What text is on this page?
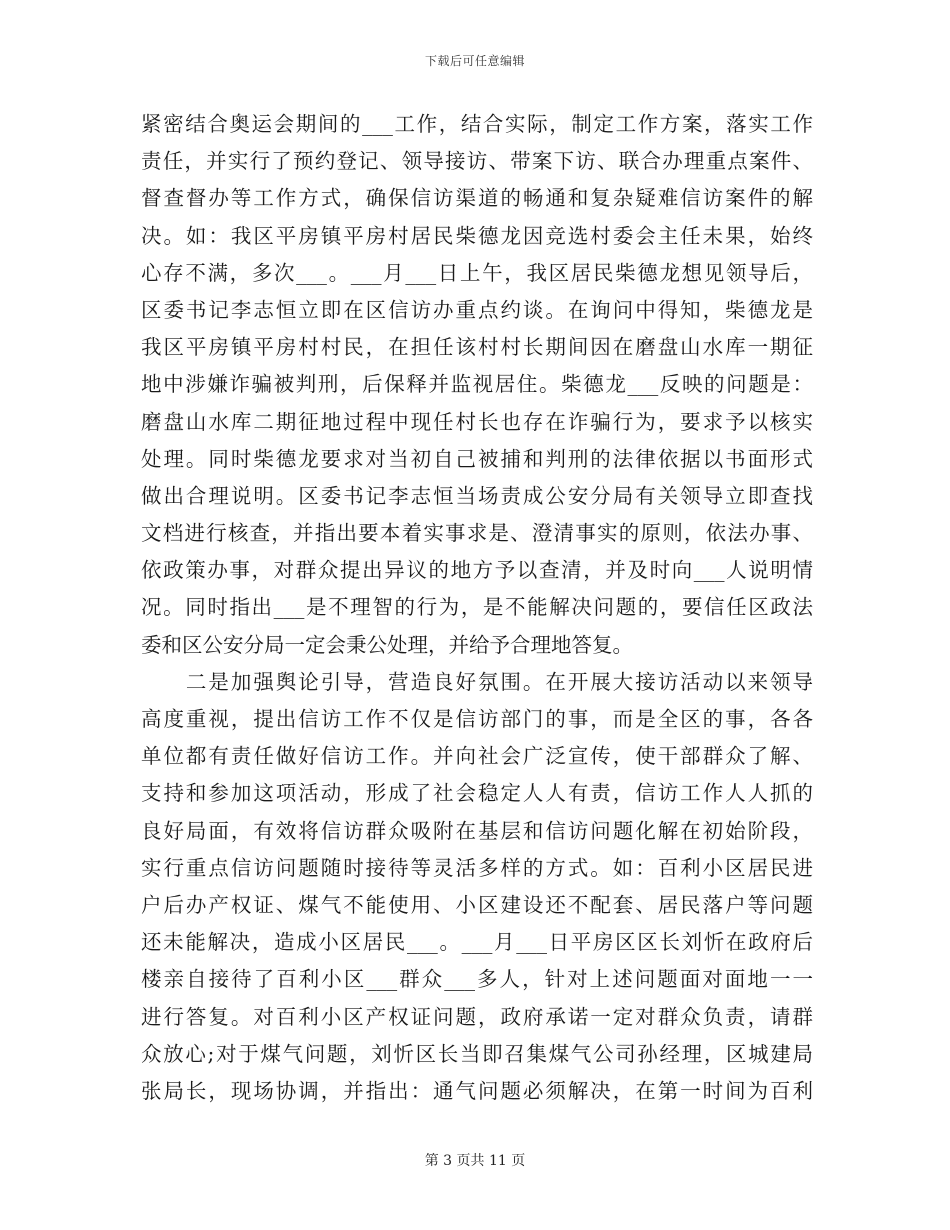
下载后可任意编辑
紧密结合奥运会期间的___工作，结合实际，制定工作方案，落实工作
责任，并实行了预约登记、领导接访、带案下访、联合办理重点案件、
督查督办等工作方式，确保信访渠道的畅通和复杂疑难信访案件的解
决。如：我区平房镇平房村居民柴德龙因竞选村委会主任未果，始终
心存不满，多次___。___月___日上午，我区居民柴德龙想见领导后，
区委书记李志恒立即在区信访办重点约谈。在询问中得知，柴德龙是
我区平房镇平房村村民，在担任该村村长期间因在磨盘山水库一期征
地中涉嫌诈骗被判刑，后保释并监视居住。柴德龙___反映的问题是：
磨盘山水库二期征地过程中现任村长也存在诈骗行为，要求予以核实
处理。同时柴德龙要求对当初自己被捕和判刑的法律依据以书面形式
做出合理说明。区委书记李志恒当场责成公安分局有关领导立即查找
文档进行核查，并指出要本着实事求是、澄清事实的原则，依法办事、
依政策办事，对群众提出异议的地方予以查清，并及时向___人说明情
况。同时指出___是不理智的行为，是不能解决问题的，要信任区政法
委和区公安分局一定会秉公处理，并给予合理地答复。
　　二是加强舆论引导，营造良好氛围。在开展大接访活动以来领导
高度重视，提出信访工作不仅是信访部门的事，而是全区的事，各各
单位都有责任做好信访工作。并向社会广泛宣传，使干部群众了解、
支持和参加这项活动，形成了社会稳定人人有责，信访工作人人抓的
良好局面，有效将信访群众吸附在基层和信访问题化解在初始阶段，
实行重点信访问题随时接待等灵活多样的方式。如：百利小区居民进
户后办产权证、煤气不能使用、小区建设还不配套、居民落户等问题
还未能解决，造成小区居民___。___月___日平房区区长刘忻在政府后
楼亲自接待了百利小区___群众___多人，针对上述问题面对面地一一
进行答复。对百利小区产权证问题，政府承诺一定对群众负责，请群
众放心;对于煤气问题，刘忻区长当即召集煤气公司孙经理，区城建局
张局长，现场协调，并指出：通气问题必须解决，在第一时间为百利
第 3 页共 11 页
